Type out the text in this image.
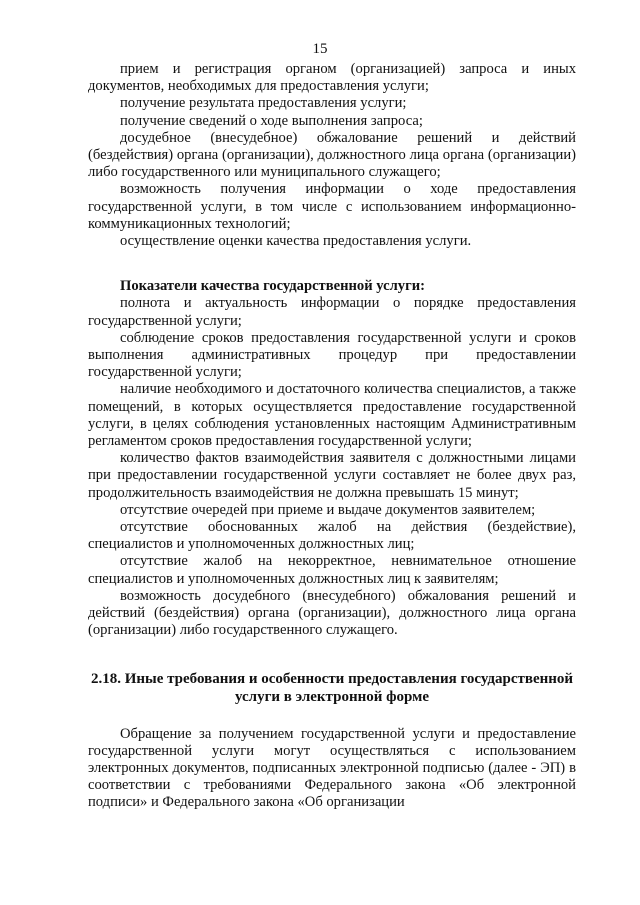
15

прием и регистрация органом (организацией) запроса и иных документов, необходимых для предоставления услуги;

получение результата предоставления услуги;

получение сведений о ходе выполнения запроса;

досудебное (внесудебное) обжалование решений и действий (бездействия) органа (организации), должностного лица органа (организации) либо государственного или муниципального служащего;

возможность получения информации о ходе предоставления государственной услуги, в том числе с использованием информационно-коммуникационных технологий;

осуществление оценки качества предоставления услуги.

Показатели качества государственной услуги:

полнота и актуальность информации о порядке предоставления государственной услуги;

соблюдение сроков предоставления государственной услуги и сроков выполнения административных процедур при предоставлении государственной услуги;

наличие необходимого и достаточного количества специалистов, а также помещений, в которых осуществляется предоставление государственной услуги, в целях соблюдения установленных настоящим Административным регламентом сроков предоставления государственной услуги;

количество фактов взаимодействия заявителя с должностными лицами при предоставлении государственной услуги составляет не более двух раз, продолжительность взаимодействия не должна превышать 15 минут;

отсутствие очередей при приеме и выдаче документов заявителем;

отсутствие обоснованных жалоб на действия (бездействие), специалистов и уполномоченных должностных лиц;

отсутствие жалоб на некорректное, невнимательное отношение специалистов и уполномоченных должностных лиц к заявителям;

возможность досудебного (внесудебного) обжалования решений и действий (бездействия) органа (организации), должностного лица органа (организации) либо государственного служащего.

2.18. Иные требования и особенности предоставления государственной
услуги в электронной форме

Обращение за получением государственной услуги и предоставление государственной услуги могут осуществляться с использованием электронных документов, подписанных электронной подписью (далее - ЭП) в соответствии с требованиями Федерального закона «Об электронной подписи» и Федерального закона «Об организации
